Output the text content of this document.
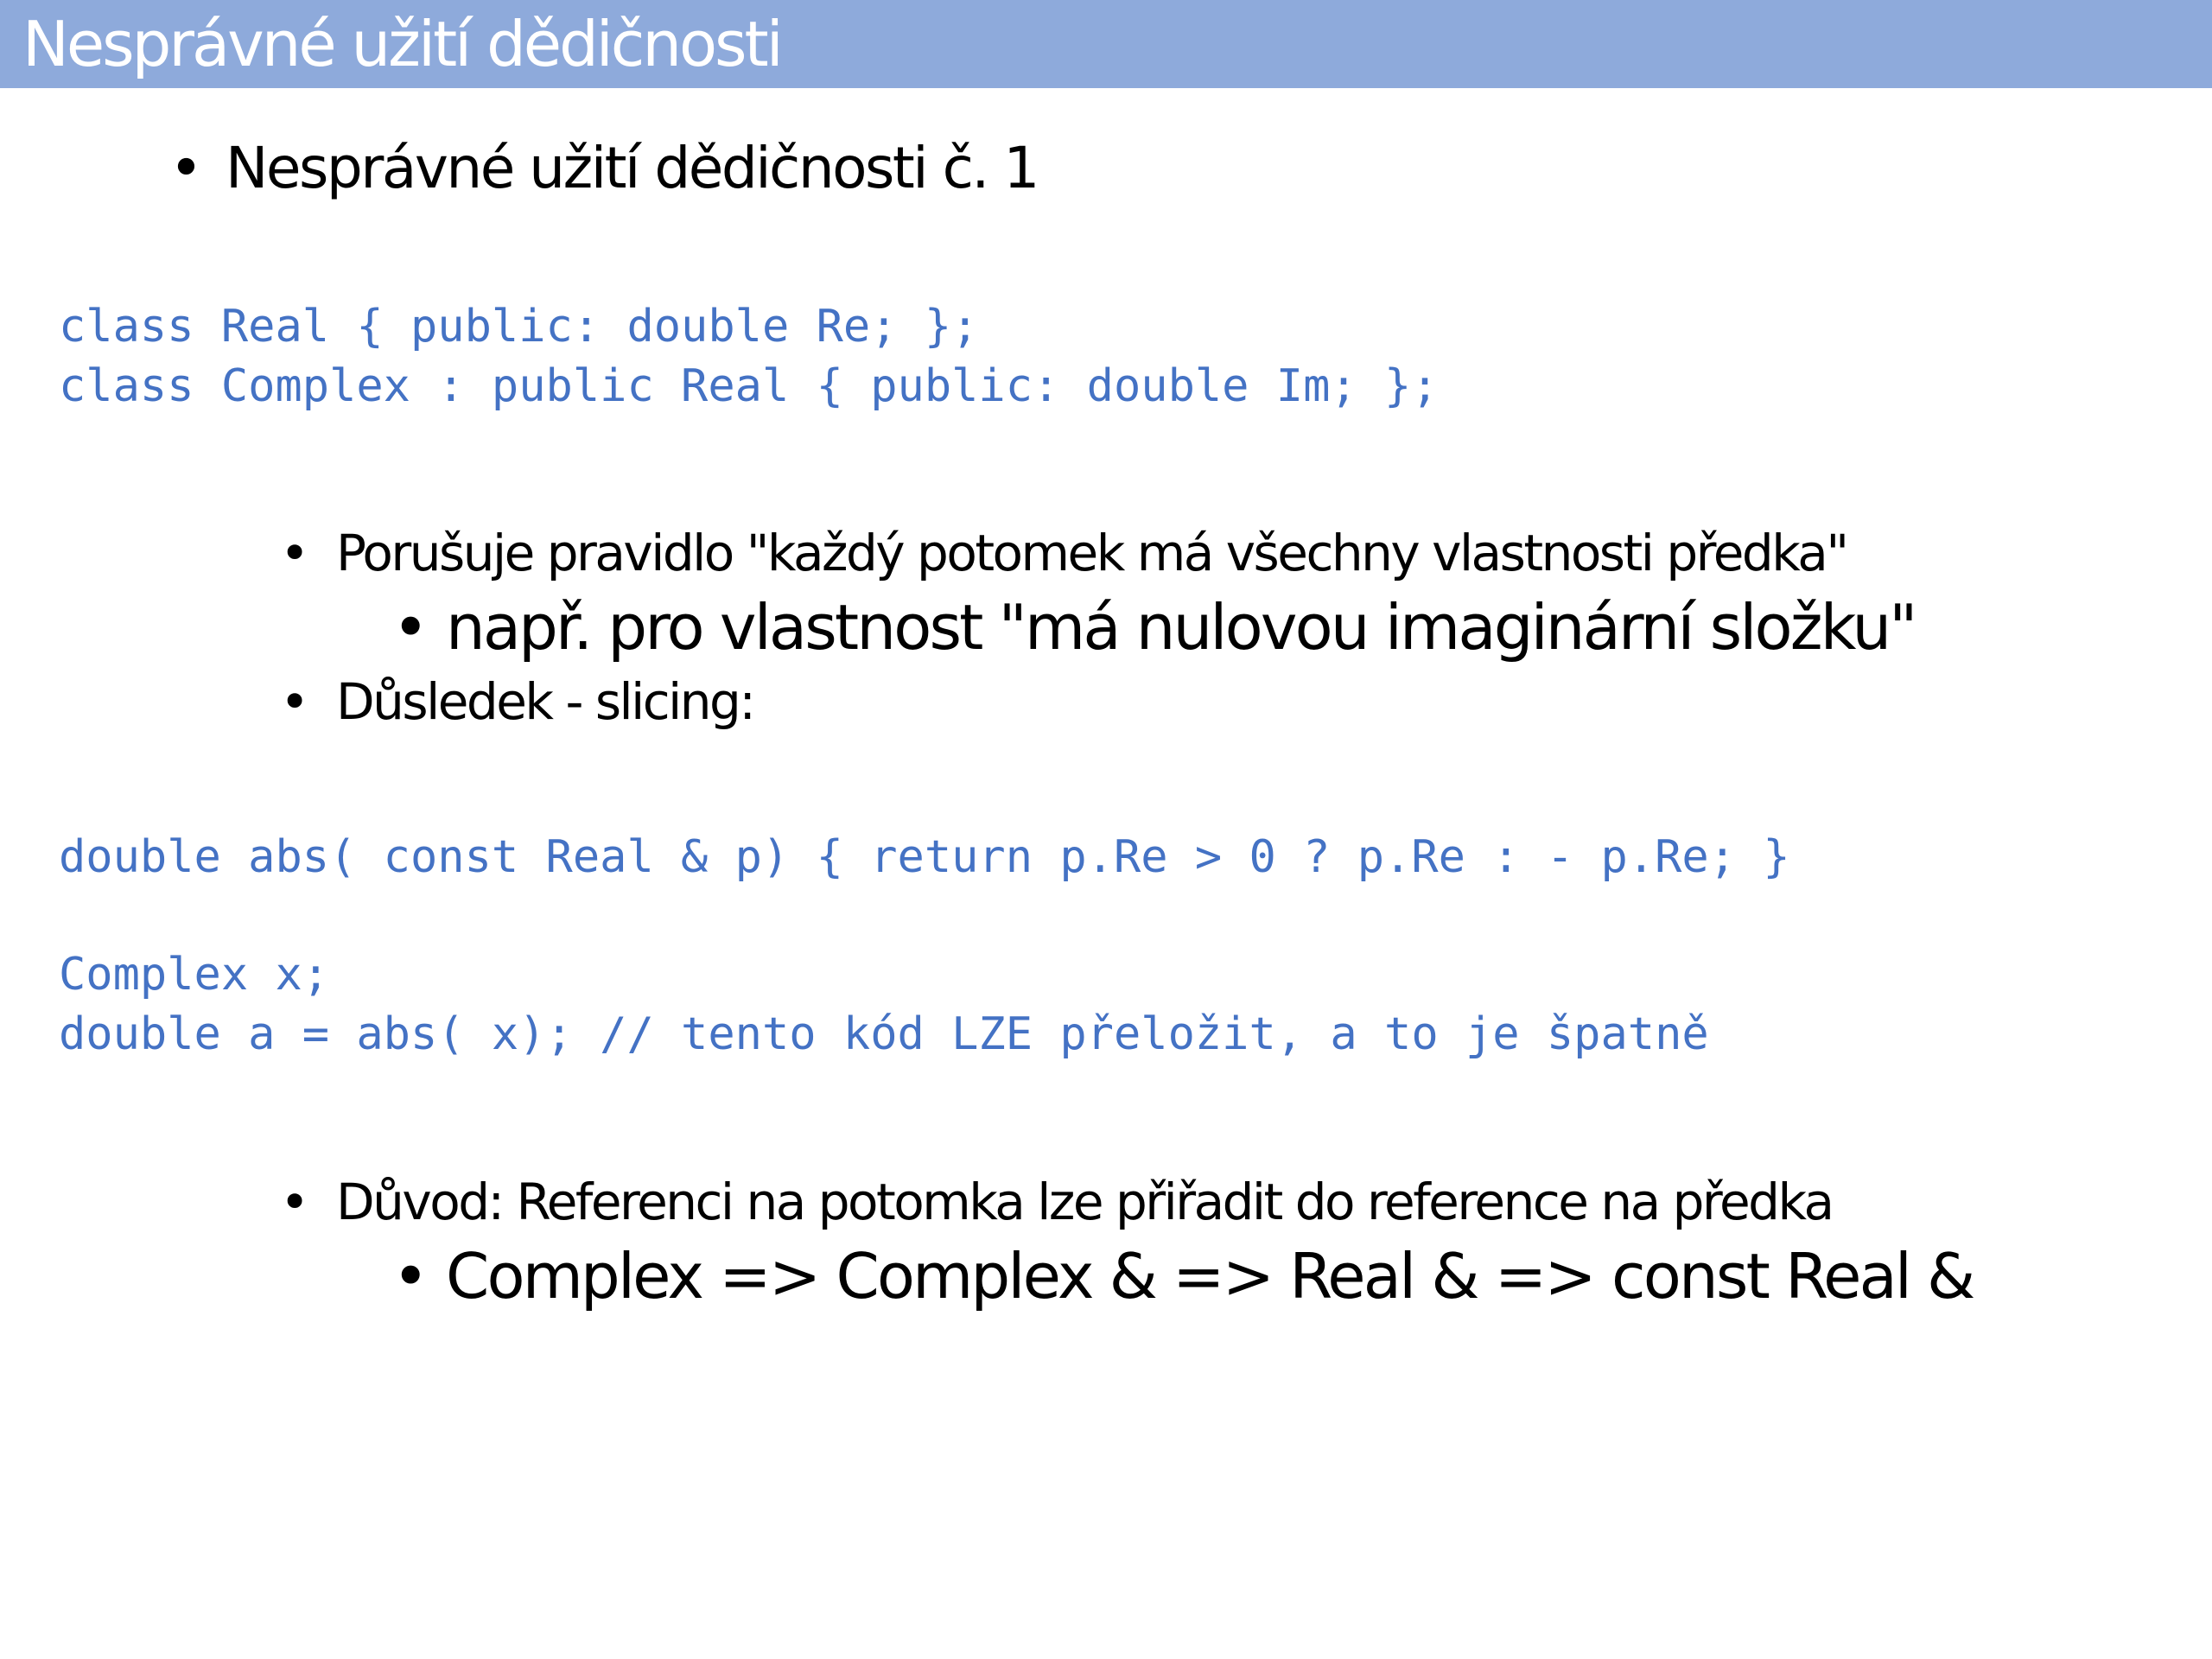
Nesprávné užití dědičnosti
• Nesprávné užití dědičnosti č. 1
class Real { public: double Re; };
class Complex : public Real { public: double Im; };
• Porušuje pravidlo "každý potomek má všechny vlastnosti předka"
• např. pro vlastnost "má nulovou imaginární složku"
• Důsledek - slicing:
double abs( const Real & p) { return p.Re > 0 ? p.Re : - p.Re; }
Complex x;
double a = abs( x); // tento kód LZE přeložit, a to je špatně
• Důvod: Referenci na potomka lze přiřadit do reference na předka
• Complex => Complex & => Real & => const Real &
